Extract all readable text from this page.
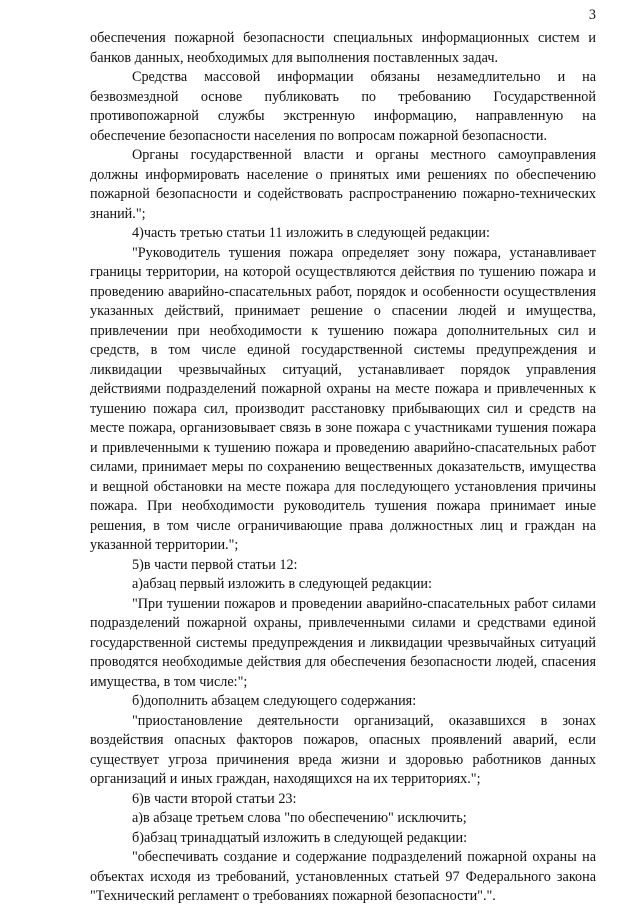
3

обеспечения пожарной безопасности специальных информационных систем и банков данных, необходимых для выполнения поставленных задач.

Средства массовой информации обязаны незамедлительно и на безвозмездной основе публиковать по требованию Государственной противопожарной службы экстренную информацию, направленную на обеспечение безопасности населения по вопросам пожарной безопасности.

Органы государственной власти и органы местного самоуправления должны информировать население о принятых ими решениях по обеспечению пожарной безопасности и содействовать распространению пожарно-технических знаний.";

4)часть третью статьи 11 изложить в следующей редакции:

"Руководитель тушения пожара определяет зону пожара, устанавливает границы территории, на которой осуществляются действия по тушению пожара и проведению аварийно-спасательных работ, порядок и особенности осуществления указанных действий, принимает решение о спасении людей и имущества, привлечении при необходимости к тушению пожара дополнительных сил и средств, в том числе единой государственной системы предупреждения и ликвидации чрезвычайных ситуаций, устанавливает порядок управления действиями подразделений пожарной охраны на месте пожара и привлеченных к тушению пожара сил, производит расстановку прибывающих сил и средств на месте пожара, организовывает связь в зоне пожара с участниками тушения пожара и привлеченными к тушению пожара и проведению аварийно-спасательных работ силами, принимает меры по сохранению вещественных доказательств, имущества и вещной обстановки на месте пожара для последующего установления причины пожара. При необходимости руководитель тушения пожара принимает иные решения, в том числе ограничивающие права должностных лиц и граждан на указанной территории.";

5)в части первой статьи 12:

а)абзац первый изложить в следующей редакции:

"При тушении пожаров и проведении аварийно-спасательных работ силами подразделений пожарной охраны, привлеченными силами и средствами единой государственной системы предупреждения и ликвидации чрезвычайных ситуаций проводятся необходимые действия для обеспечения безопасности людей, спасения имущества, в том числе:";

б)дополнить абзацем следующего содержания:

"приостановление деятельности организаций, оказавшихся в зонах воздействия опасных факторов пожаров, опасных проявлений аварий, если существует угроза причинения вреда жизни и здоровью работников данных организаций и иных граждан, находящихся на их территориях.";

6)в части второй статьи 23:

а)в абзаце третьем слова "по обеспечению" исключить;

б)абзац тринадцатый изложить в следующей редакции:

"обеспечивать создание и содержание подразделений пожарной охраны на объектах исходя из требований, установленных статьей 97 Федерального закона "Технический регламент о требованиях пожарной безопасности".".
